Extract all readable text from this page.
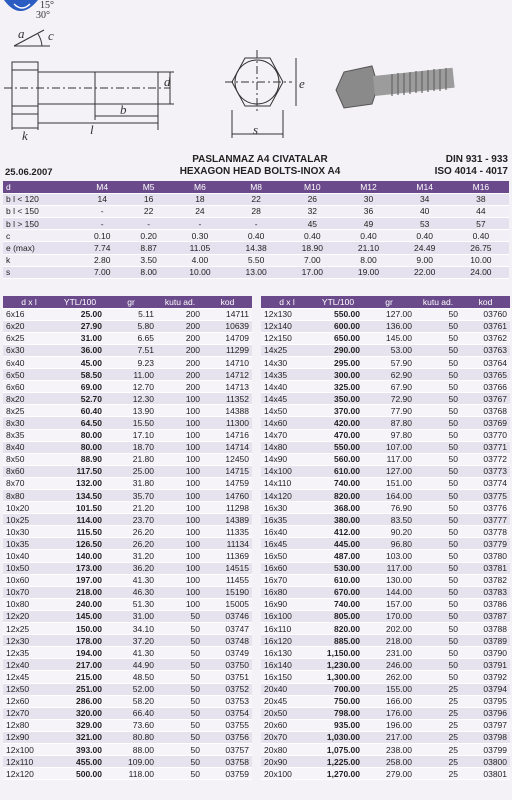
15°
30°
a c
d
b
k	l
e
s
25.06.2007
PASLANMAZ A4 CIVATALAR
HEXAGON HEAD BOLTS-INOX A4
DIN 931 - 933
ISO 4014 - 4017
d	M4	M5	M6	M8	M10	M12	M14	M16
b l < 120	14	16	18	22	26	30	34	38
b l < 150	-	22	24	28	32	36	40	44
b l > 150	-	-	-	-	45	49	53	57
c	0.10	0.20	0.30	0.40	0.40	0.40	0.40	0.40
e (max)	7.74	8.87	11.05	14.38	18.90	21.10	24.49	26.75
k	2.80	3.50	4.00	5.50	7.00	8.00	9.00	10.00
s	7.00	8.00	10.00	13.00	17.00	19.00	22.00	24.00
d x l	YTL/100	gr	kutu ad.	kod
6x16	25.00	5.11	200	14711
6x20	27.90	5.80	200	10639
6x25	31.00	6.65	200	14709
6x30	36.00	7.51	200	11299
6x40	45.00	9.23	200	14710
6x50	58.50	11.00	200	14712
6x60	69.00	12.70	200	14713
8x20	52.70	12.30	100	11352
8x25	60.40	13.90	100	14388
8x30	64.50	15.50	100	11300
8x35	80.00	17.10	100	14716
8x40	80.00	18.70	100	14714
8x50	88.90	21.80	100	12450
8x60	117.50	25.00	100	14715
8x70	132.00	31.80	100	14759
8x80	134.50	35.70	100	14760
10x20	101.50	21.20	100	11298
10x25	114.00	23.70	100	14389
10x30	115.50	26.20	100	11335
10x35	126.50	26.20	100	11134
10x40	140.00	31.20	100	11369
10x50	173.00	36.20	100	14515
10x60	197.00	41.30	100	11455
10x70	218.00	46.30	100	15190
10x80	240.00	51.30	100	15005
12x20	145.00	31.00	50	03746
12x25	150.00	34.10	50	03747
12x30	178.00	37.20	50	03748
12x35	194.00	41.30	50	03749
12x40	217.00	44.90	50	03750
12x45	215.00	48.50	50	03751
12x50	251.00	52.00	50	03752
12x60	286.00	58.20	50	03753
12x70	320.00	66.40	50	03754
12x80	329.00	73.60	50	03755
12x90	321.00	80.80	50	03756
12x100	393.00	88.00	50	03757
12x110	455.00	109.00	50	03758
12x120	500.00	118.00	50	03759
d x l	YTL/100	gr	kutu ad.	kod
12x130	550.00	127.00	50	03760
12x140	600.00	136.00	50	03761
12x150	650.00	145.00	50	03762
14x25	290.00	53.00	50	03763
14x30	295.00	57.90	50	03764
14x35	300.00	62.90	50	03765
14x40	325.00	67.90	50	03766
14x45	350.00	72.90	50	03767
14x50	370.00	77.90	50	03768
14x60	420.00	87.80	50	03769
14x70	470.00	97.80	50	03770
14x80	550.00	107.00	50	03771
14x90	560.00	117.00	50	03772
14x100	610.00	127.00	50	03773
14x110	740.00	151.00	50	03774
14x120	820.00	164.00	50	03775
16x30	368.00	76.90	50	03776
16x35	380.00	83.50	50	03777
16x40	412.00	90.20	50	03778
16x45	445.00	96.80	50	03779
16x50	487.00	103.00	50	03780
16x60	530.00	117.00	50	03781
16x70	610.00	130.00	50	03782
16x80	670.00	144.00	50	03783
16x90	740.00	157.00	50	03786
16x100	805.00	170.00	50	03787
16x110	820.00	202.00	50	03788
16x120	885.00	218.00	50	03789
16x130	1,150.00	231.00	50	03790
16x140	1,230.00	246.00	50	03791
16x150	1,300.00	262.00	50	03792
20x40	700.00	155.00	25	03794
20x45	750.00	166.00	25	03795
20x50	798.00	176.00	25	03796
20x60	935.00	196.00	25	03797
20x70	1,030.00	217.00	25	03798
20x80	1,075.00	238.00	25	03799
20x90	1,225.00	258.00	25	03800
20x100	1,270.00	279.00	25	03801
